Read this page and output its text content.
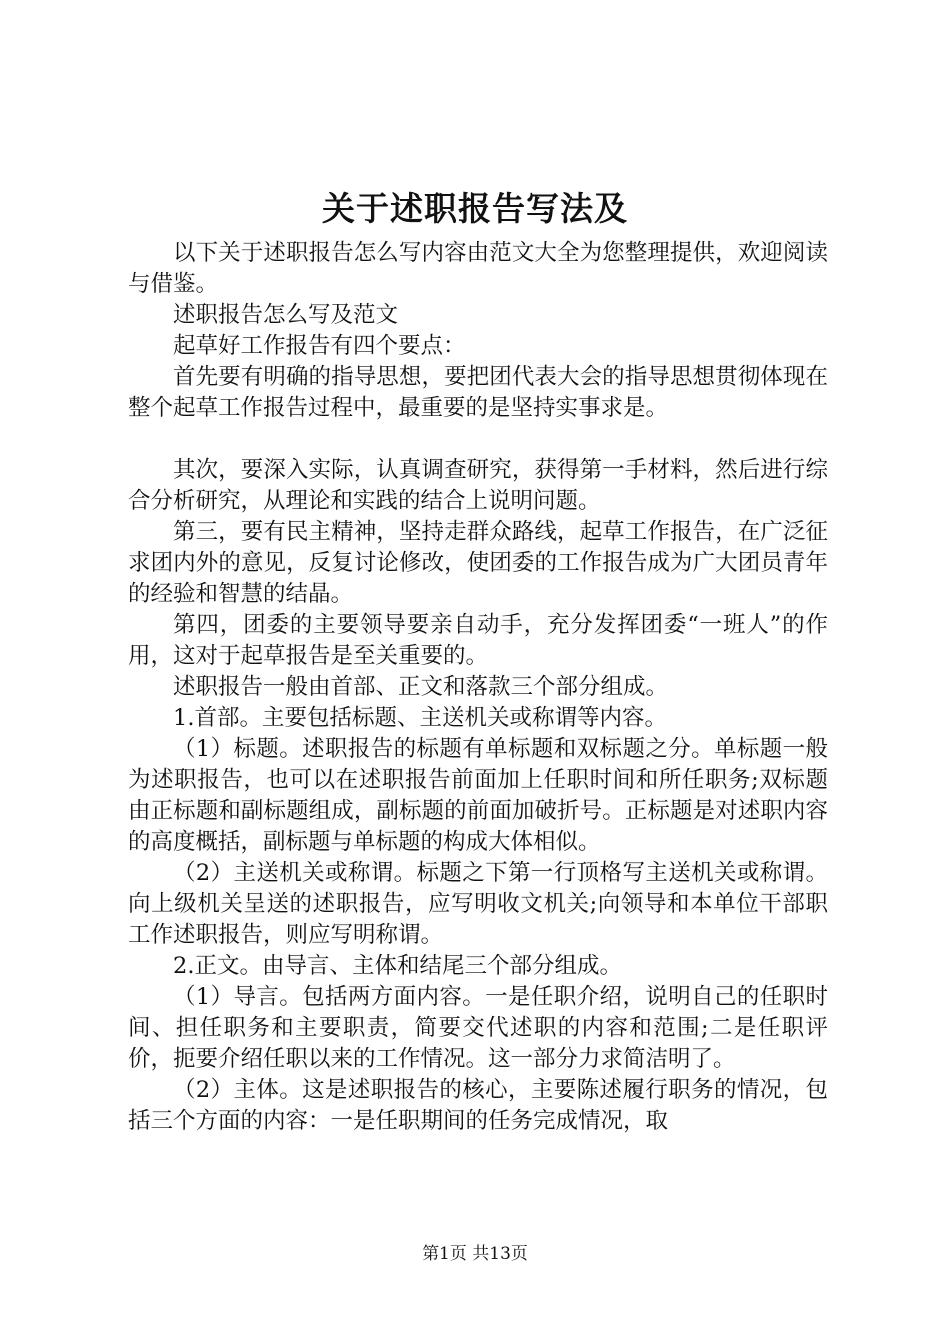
关于述职报告写法及

以下关于述职报告怎么写内容由范文大全为您整理提供，欢迎阅读与借鉴。

述职报告怎么写及范文

起草好工作报告有四个要点：

首先要有明确的指导思想，要把团代表大会的指导思想贯彻体现在整个起草工作报告过程中，最重要的是坚持实事求是。

其次，要深入实际，认真调查研究，获得第一手材料，然后进行综合分析研究，从理论和实践的结合上说明问题。

第三，要有民主精神，坚持走群众路线，起草工作报告，在广泛征求团内外的意见，反复讨论修改，使团委的工作报告成为广大团员青年的经验和智慧的结晶。

第四，团委的主要领导要亲自动手，充分发挥团委“一班人”的作用，这对于起草报告是至关重要的。

述职报告一般由首部、正文和落款三个部分组成。

1.首部。主要包括标题、主送机关或称谓等内容。

（1）标题。述职报告的标题有单标题和双标题之分。单标题一般为述职报告，也可以在述职报告前面加上任职时间和所任职务;双标题由正标题和副标题组成，副标题的前面加破折号。正标题是对述职内容的高度概括，副标题与单标题的构成大体相似。

（2）主送机关或称谓。标题之下第一行顶格写主送机关或称谓。向上级机关呈送的述职报告，应写明收文机关;向领导和本单位干部职工作述职报告，则应写明称谓。

2.正文。由导言、主体和结尾三个部分组成。

（1）导言。包括两方面内容。一是任职介绍，说明自己的任职时间、担任职务和主要职责，简要交代述职的内容和范围;二是任职评价，扼要介绍任职以来的工作情况。这一部分力求简洁明了。

（2）主体。这是述职报告的核心，主要陈述履行职务的情况，包括三个方面的内容：一是任职期间的任务完成情况，取

第1页 共13页
